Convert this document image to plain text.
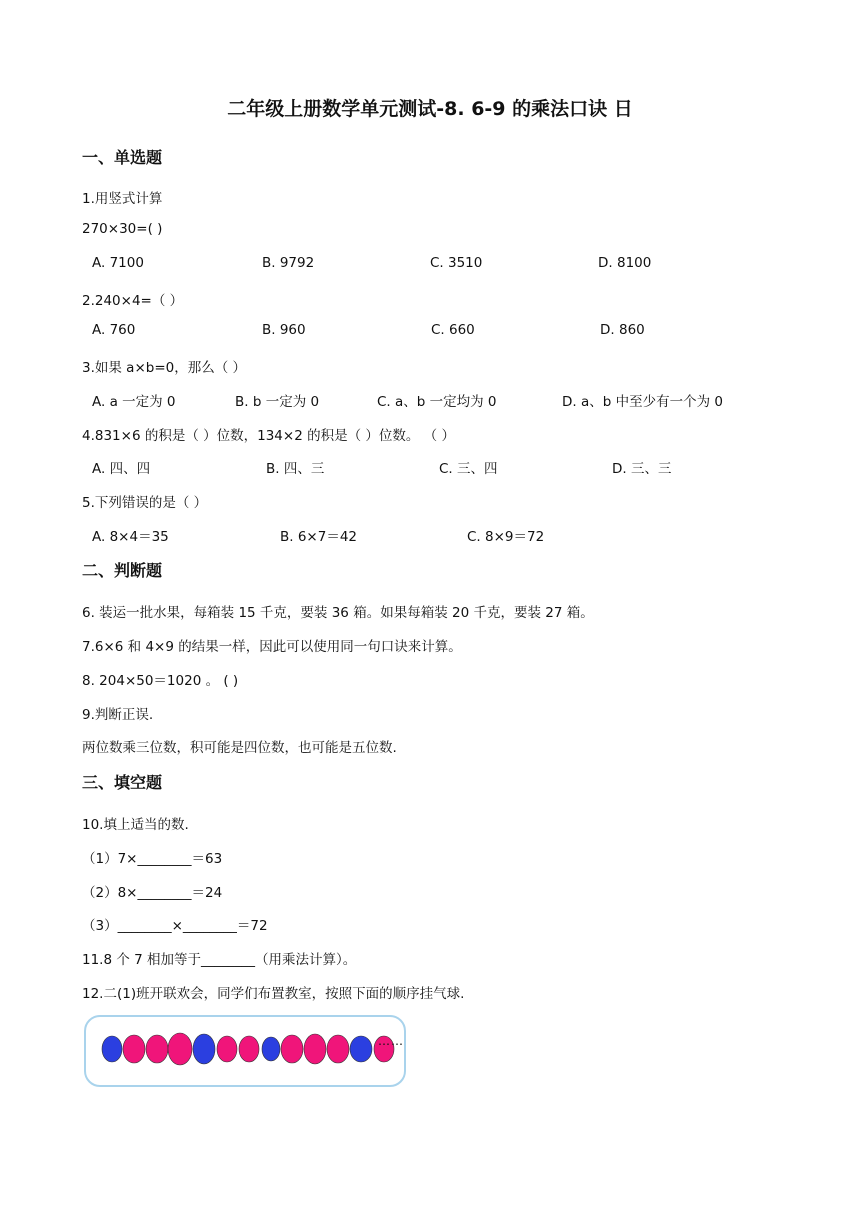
二年级上册数学单元测试-8. 6-9 的乘法口诀 日
一、单选题
1.用竖式计算
270×30=( )
A. 7100	B. 9792	C. 3510	D. 8100
2.240×4=（ ）
A. 760	B. 960	C. 660	D. 860
3.如果 a×b=0，那么（ ）
A. a 一定为 0	B. b 一定为 0	C. a、b 一定均为 0	D. a、b 中至少有一个为 0
4.831×6 的积是（ ）位数，134×2 的积是（ ）位数。 （ ）
A. 四、四	B. 四、三	C. 三、四	D. 三、三
5.下列错误的是（ ）
A. 8×4＝35	B. 6×7＝42	C. 8×9＝72
二、判断题
6. 装运一批水果，每箱装 15 千克，要装 36 箱。如果每箱装 20 千克，要装 27 箱。
7.6×6 和 4×9 的结果一样，因此可以使用同一句口诀来计算。
8. 204×50＝1020 。 ( )
9.判断正误.
两位数乘三位数，积可能是四位数，也可能是五位数.
三、填空题
10.填上适当的数.
（1）7×________＝63
（2）8×________＝24
（3）________×________＝72
11.8 个 7 相加等于________（用乘法计算）。
12.二(1)班开联欢会，同学们布置教室，按照下面的顺序挂气球.
……
